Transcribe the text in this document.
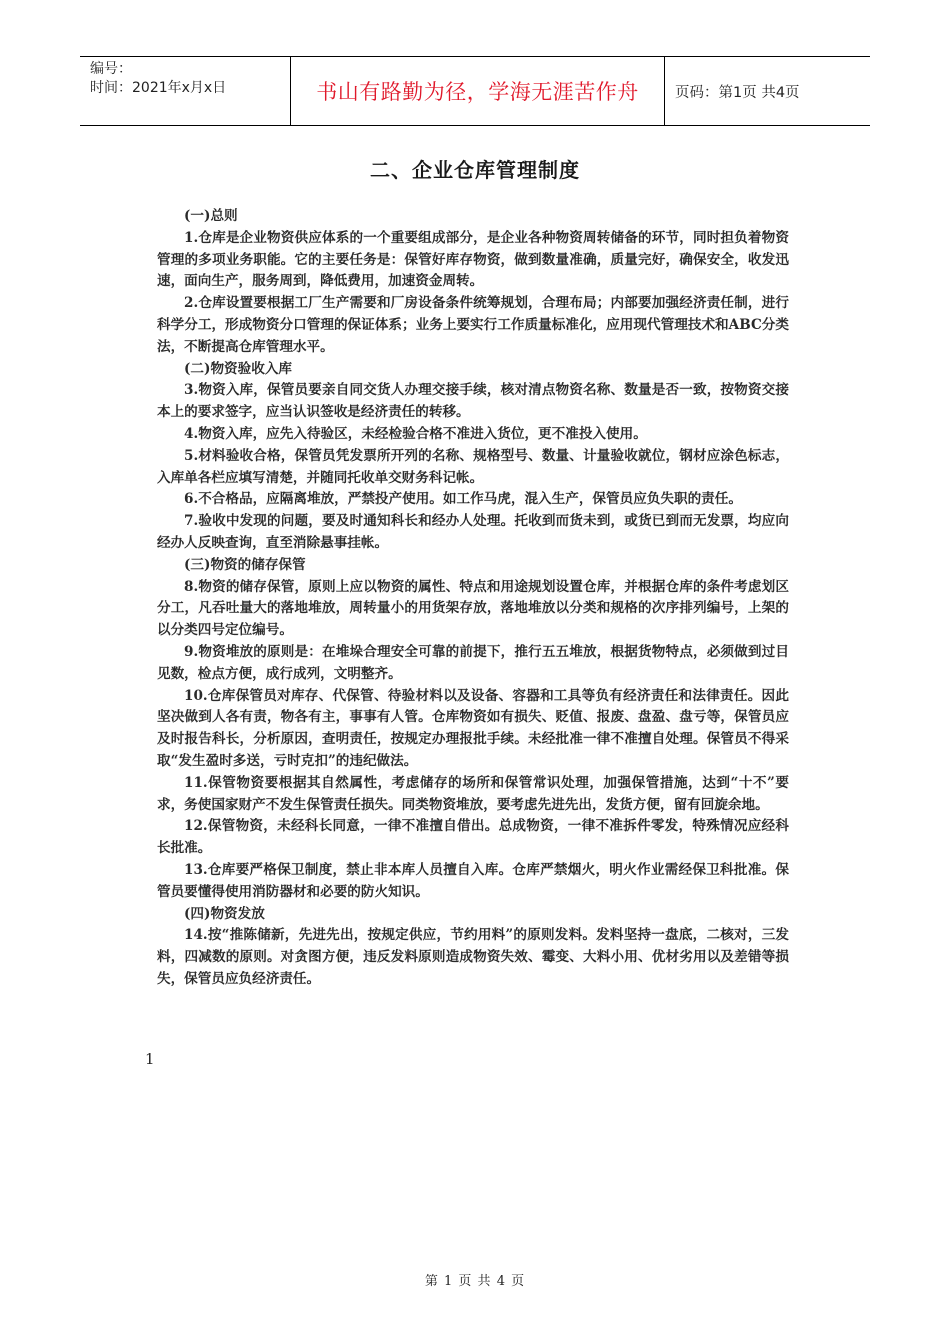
编号：
时间：2021年x月x日	书山有路勤为径，学海无涯苦作舟	页码：第1页 共4页
二、企业仓库管理制度

(一)总则

1.仓库是企业物资供应体系的一个重要组成部分，是企业各种物资周转储备的环节，同时担负着物资管理的多项业务职能。它的主要任务是：保管好库存物资，做到数量准确，质量完好，确保安全，收发迅速，面向生产，服务周到，降低费用，加速资金周转。

2.仓库设置要根据工厂生产需要和厂房设备条件统筹规划，合理布局；内部要加强经济责任制，进行科学分工，形成物资分口管理的保证体系；业务上要实行工作质量标准化，应用现代管理技术和ABC分类法，不断提高仓库管理水平。

(二)物资验收入库

3.物资入库，保管员要亲自同交货人办理交接手续，核对清点物资名称、数量是否一致，按物资交接本上的要求签字，应当认识签收是经济责任的转移。

4.物资入库，应先入待验区，未经检验合格不准进入货位，更不准投入使用。

5.材料验收合格，保管员凭发票所开列的名称、规格型号、数量、计量验收就位，钢材应涂色标志，入库单各栏应填写清楚，并随同托收单交财务科记帐。

6.不合格品，应隔离堆放，严禁投产使用。如工作马虎，混入生产，保管员应负失职的责任。

7.验收中发现的问题，要及时通知科长和经办人处理。托收到而货未到，或货已到而无发票，均应向经办人反映查询，直至消除悬事挂帐。

(三)物资的储存保管

8.物资的储存保管，原则上应以物资的属性、特点和用途规划设置仓库，并根据仓库的条件考虑划区分工，凡吞吐量大的落地堆放，周转量小的用货架存放，落地堆放以分类和规格的次序排列编号，上架的以分类四号定位编号。

9.物资堆放的原则是：在堆垛合理安全可靠的前提下，推行五五堆放，根据货物特点，必须做到过目见数，检点方便，成行成列，文明整齐。

10.仓库保管员对库存、代保管、待验材料以及设备、容器和工具等负有经济责任和法律责任。因此坚决做到人各有责，物各有主，事事有人管。仓库物资如有损失、贬值、报废、盘盈、盘亏等，保管员应及时报告科长，分析原因，查明责任，按规定办理报批手续。未经批准一律不准擅自处理。保管员不得采取“发生盈时多送，亏时克扣”的违纪做法。

11.保管物资要根据其自然属性，考虑储存的场所和保管常识处理，加强保管措施，达到“十不”要求，务使国家财产不发生保管责任损失。同类物资堆放，要考虑先进先出，发货方便，留有回旋余地。

12.保管物资，未经科长同意，一律不准擅自借出。总成物资，一律不准拆件零发，特殊情况应经科长批准。

13.仓库要严格保卫制度，禁止非本库人员擅自入库。仓库严禁烟火，明火作业需经保卫科批准。保管员要懂得使用消防器材和必要的防火知识。

(四)物资发放

14.按“推陈储新，先进先出，按规定供应，节约用料”的原则发料。发料坚持一盘底，二核对，三发料，四减数的原则。对贪图方便，违反发料原则造成物资失效、霉变、大料小用、优材劣用以及差错等损失，保管员应负经济责任。

1
第 1 页 共 4 页
